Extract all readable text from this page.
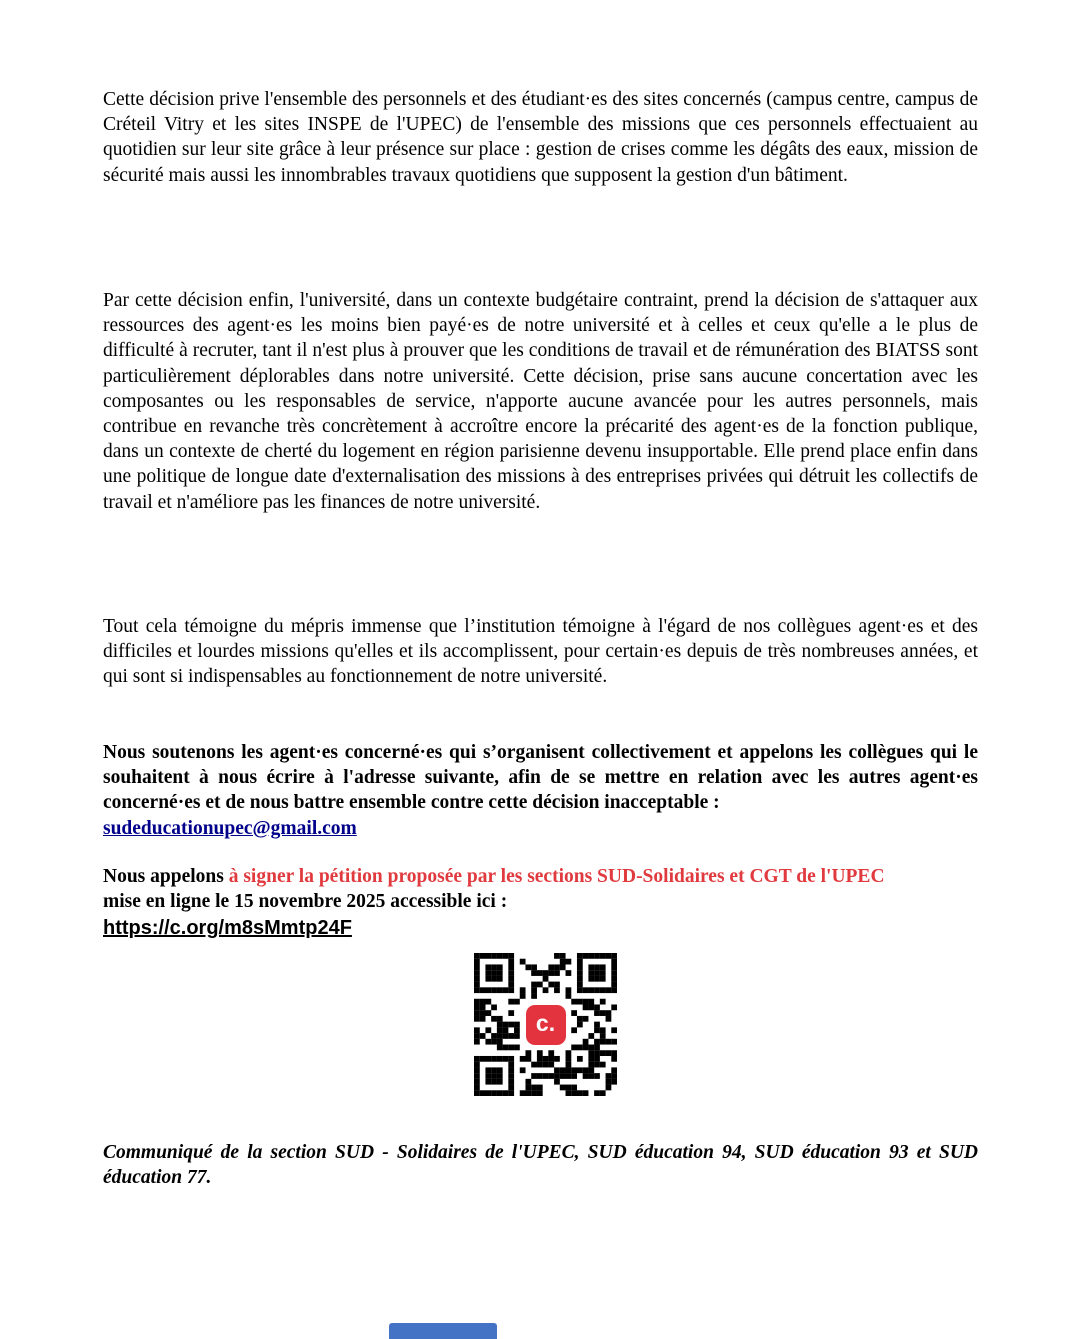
Cette décision prive l'ensemble des personnels et des étudiant·es des sites concernés (campus centre, campus de Créteil Vitry et les sites INSPE de l'UPEC) de l'ensemble des missions que ces personnels effectuaient au quotidien sur leur site grâce à leur présence sur place : gestion de crises comme les dégâts des eaux, mission de sécurité mais aussi les innombrables travaux quotidiens que supposent la gestion d'un bâtiment.
Par cette décision enfin, l'université, dans un contexte budgétaire contraint, prend la décision de s'attaquer aux ressources des agent·es les moins bien payé·es de notre université et à celles et ceux qu'elle a le plus de difficulté à recruter, tant il n'est plus à prouver que les conditions de travail et de rémunération des BIATSS sont particulièrement déplorables dans notre université. Cette décision, prise sans aucune concertation avec les composantes ou les responsables de service, n'apporte aucune avancée pour les autres personnels, mais contribue en revanche très concrètement à accroître encore la précarité des agent·es de la fonction publique, dans un contexte de cherté du logement en région parisienne devenu insupportable. Elle prend place enfin dans une politique de longue date d'externalisation des missions à des entreprises privées qui détruit les collectifs de travail et n'améliore pas les finances de notre université.
Tout cela témoigne du mépris immense que l’institution témoigne à l'égard de nos collègues agent·es et des difficiles et lourdes missions qu'elles et ils accomplissent, pour certain·es depuis de très nombreuses années, et qui sont si indispensables au fonctionnement de notre université.
Nous soutenons les agent·es concerné·es qui s’organisent collectivement et appelons les collègues qui le souhaitent à nous écrire à l'adresse suivante, afin de se mettre en relation avec les autres agent·es concerné·es et de nous battre ensemble contre cette décision inacceptable :
sudeducationupec@gmail.com
Nous appelons à signer la pétition proposée par les sections SUD-Solidaires et CGT de l'UPEC
mise en ligne le 15 novembre 2025 accessible ici :
https://c.org/m8sMmtp24F
c.
Communiqué de la section SUD - Solidaires de l'UPEC, SUD éducation 94, SUD éducation 93 et SUD éducation 77.
